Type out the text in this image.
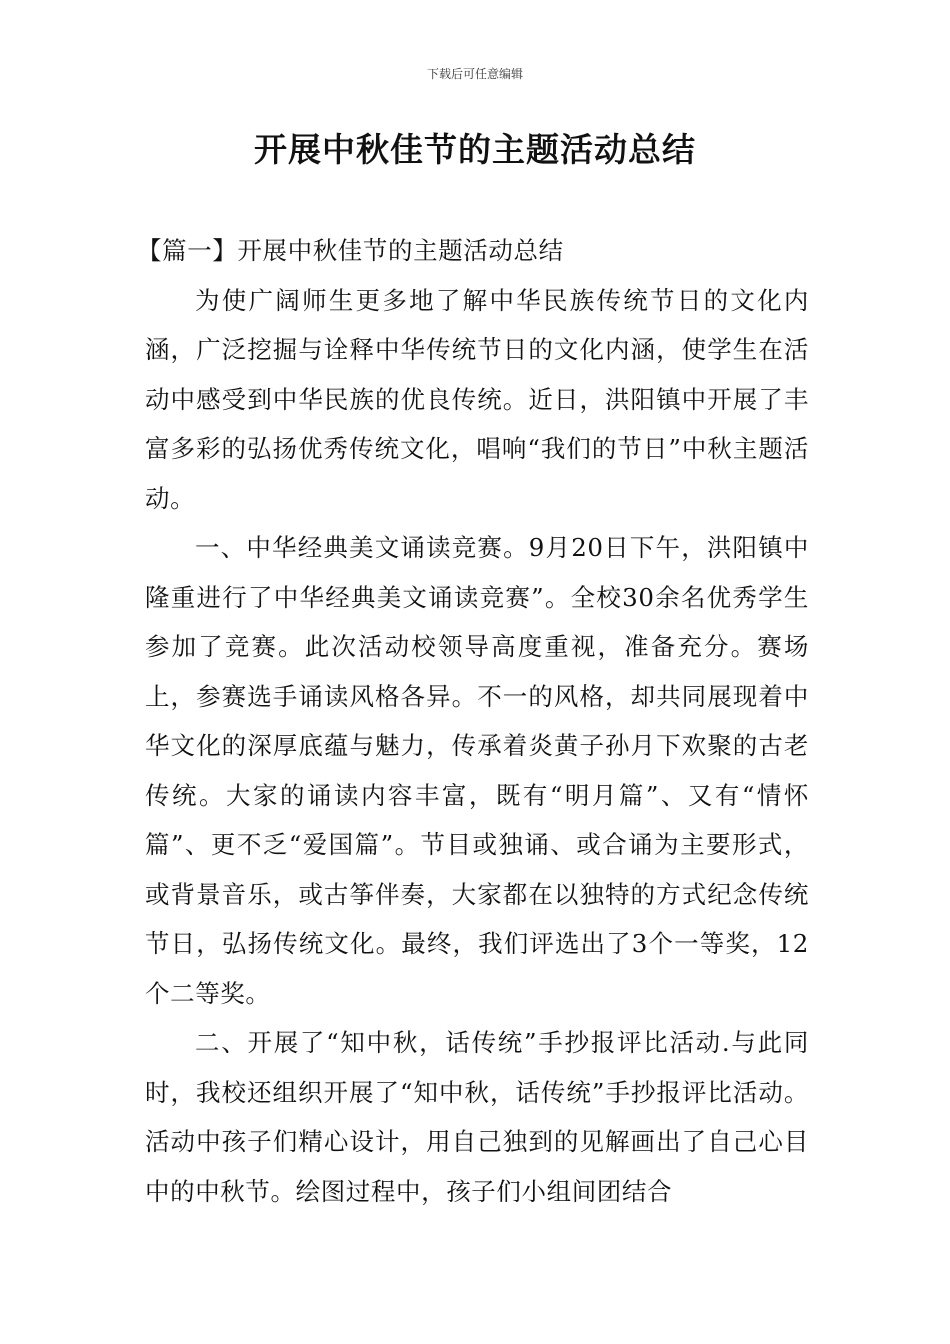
下载后可任意编辑
开展中秋佳节的主题活动总结

【篇一】开展中秋佳节的主题活动总结

为使广阔师生更多地了解中华民族传统节日的文化内涵，广泛挖掘与诠释中华传统节日的文化内涵，使学生在活动中感受到中华民族的优良传统。近日，洪阳镇中开展了丰富多彩的弘扬优秀传统文化，唱响“我们的节日”中秋主题活动。

一、中华经典美文诵读竞赛。9月20日下午，洪阳镇中隆重进行了中华经典美文诵读竞赛”。全校30余名优秀学生参加了竞赛。此次活动校领导高度重视，准备充分。赛场上，参赛选手诵读风格各异。不一的风格，却共同展现着中华文化的深厚底蕴与魅力，传承着炎黄子孙月下欢聚的古老传统。大家的诵读内容丰富，既有“明月篇”、又有“情怀篇”、更不乏“爱国篇”。节目或独诵、或合诵为主要形式，或背景音乐，或古筝伴奏，大家都在以独特的方式纪念传统节日，弘扬传统文化。最终，我们评选出了3个一等奖，12个二等奖。

二、开展了“知中秋，话传统”手抄报评比活动.与此同时，我校还组织开展了“知中秋，话传统”手抄报评比活动。活动中孩子们精心设计，用自己独到的见解画出了自己心目中的中秋节。绘图过程中，孩子们小组间团结合
